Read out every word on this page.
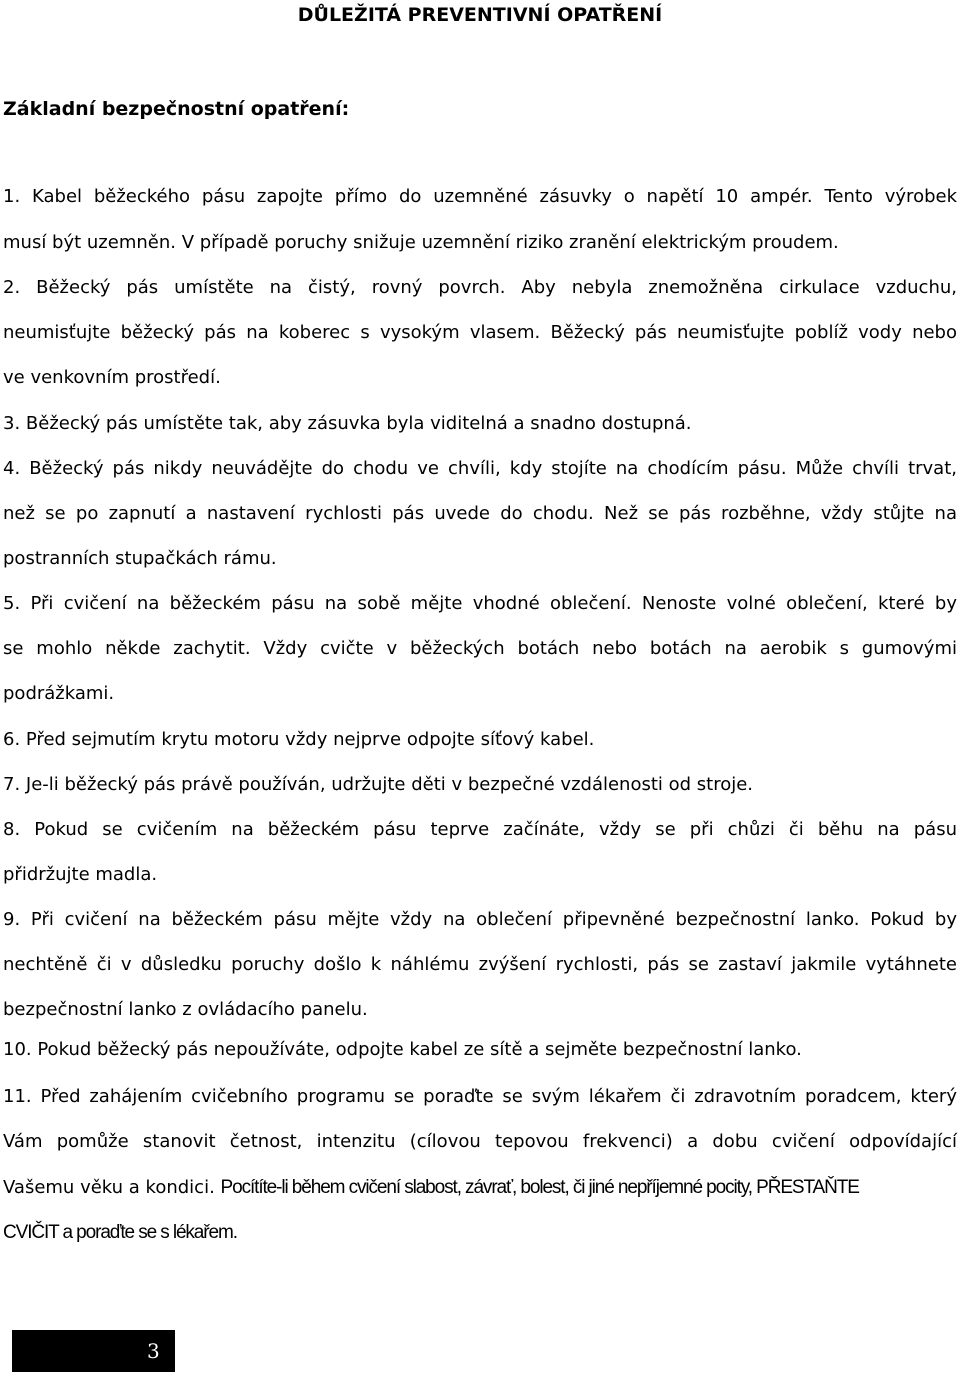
DŮLEŽITÁ PREVENTIVNÍ OPATŘENÍ
Základní bezpečnostní opatření:
1. Kabel běžeckého pásu zapojte přímo do uzemněné zásuvky o napětí 10 ampér. Tento výrobek
musí být uzemněn. V případě poruchy snižuje uzemnění riziko zranění elektrickým proudem.
2. Běžecký pás umístěte na čistý, rovný povrch. Aby nebyla znemožněna cirkulace vzduchu,
neumisťujte běžecký pás na koberec s vysokým vlasem. Běžecký pás neumisťujte poblíž vody nebo
ve venkovním prostředí.
3. Běžecký pás umístěte tak, aby zásuvka byla viditelná a snadno dostupná.
4. Běžecký pás nikdy neuvádějte do chodu ve chvíli, kdy stojíte na chodícím pásu. Může chvíli trvat,
než se po zapnutí a nastavení rychlosti pás uvede do chodu. Než se pás rozběhne, vždy stůjte na
postranních stupačkách rámu.
5. Při cvičení na běžeckém pásu na sobě mějte vhodné oblečení. Nenoste volné oblečení, které by
se mohlo někde zachytit. Vždy cvičte v běžeckých botách nebo botách na aerobik s gumovými
podrážkami.
6. Před sejmutím krytu motoru vždy nejprve odpojte síťový kabel.
7. Je-li běžecký pás právě používán, udržujte děti v bezpečné vzdálenosti od stroje.
8. Pokud se cvičením na běžeckém pásu teprve začínáte, vždy se při chůzi či běhu na pásu
přidržujte madla.
9. Při cvičení na běžeckém pásu mějte vždy na oblečení připevněné bezpečnostní lanko. Pokud by
nechtěně či v důsledku poruchy došlo k náhlému zvýšení rychlosti, pás se zastaví jakmile vytáhnete
bezpečnostní lanko z ovládacího panelu.
10. Pokud běžecký pás nepoužíváte, odpojte kabel ze sítě a sejměte bezpečnostní lanko.
11. Před zahájením cvičebního programu se poraďte se svým lékařem či zdravotním poradcem, který
Vám pomůže stanovit četnost, intenzitu (cílovou tepovou frekvenci) a dobu cvičení odpovídající
Vašemu věku a kondici. Pocítíte-li během cvičení slabost, závrať, bolest, či jiné nepříjemné pocity, PŘESTAŇTE
CVIČIT a poraďte se s lékařem.
3
